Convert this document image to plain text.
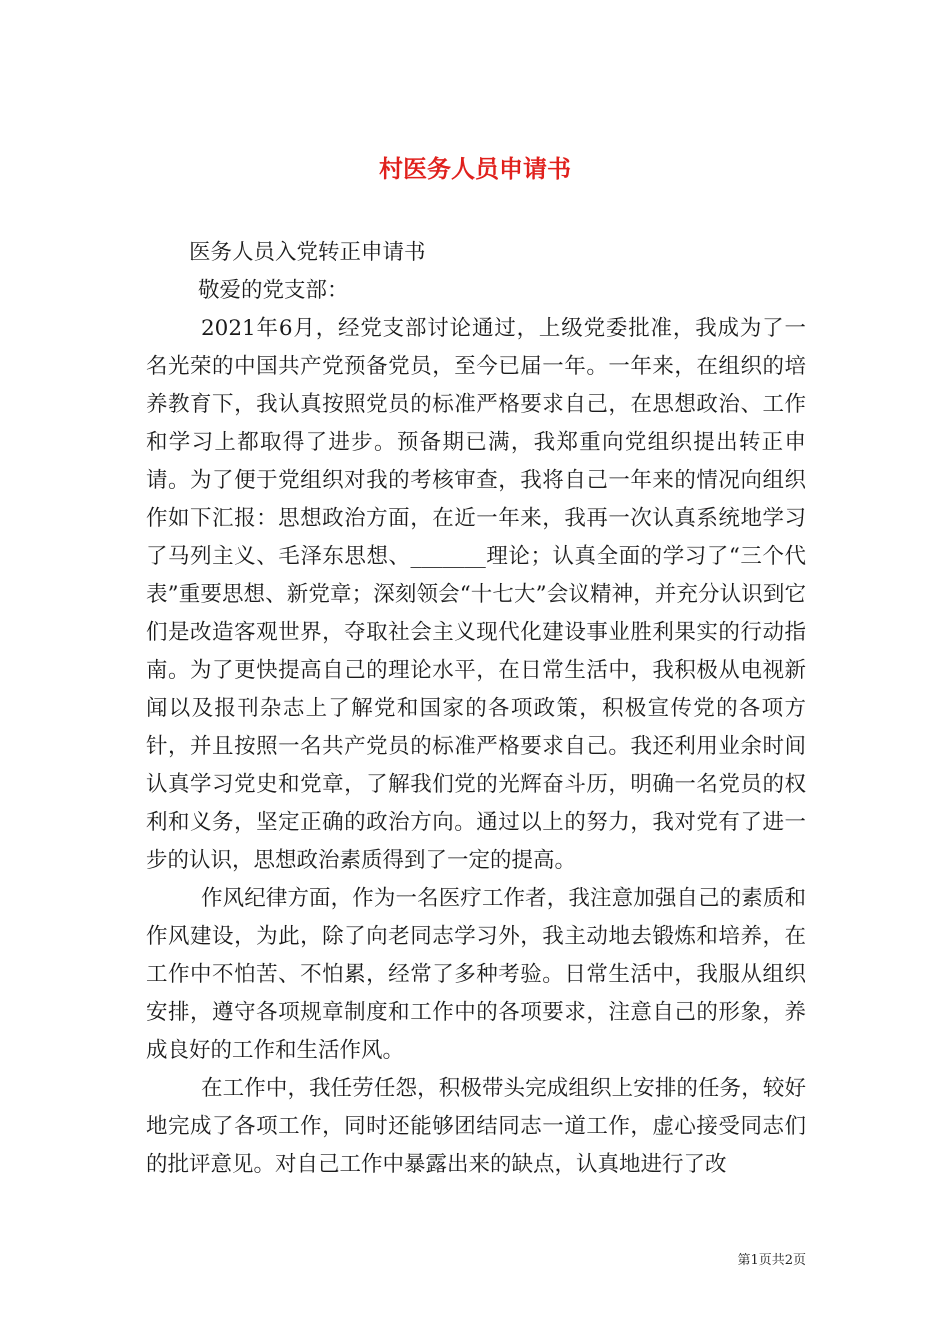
村医务人员申请书
医务人员入党转正申请书
敬爱的党支部：

2021年6月，经党支部讨论通过，上级党委批准，我成为了一名光荣的中国共产党预备党员，至今已届一年。一年来，在组织的培养教育下，我认真按照党员的标准严格要求自己，在思想政治、工作和学习上都取得了进步。预备期已满，我郑重向党组织提出转正申请。为了便于党组织对我的考核审查，我将自己一年来的情况向组织作如下汇报：思想政治方面，在近一年来，我再一次认真系统地学习了马列主义、毛泽东思想、_______理论；认真全面的学习了“三个代表”重要思想、新党章；深刻领会“十七大”会议精神，并充分认识到它们是改造客观世界，夺取社会主义现代化建设事业胜利果实的行动指南。为了更快提高自己的理论水平，在日常生活中，我积极从电视新闻以及报刊杂志上了解党和国家的各项政策，积极宣传党的各项方针，并且按照一名共产党员的标准严格要求自己。我还利用业余时间认真学习党史和党章，了解我们党的光辉奋斗历，明确一名党员的权利和义务，坚定正确的政治方向。通过以上的努力，我对党有了进一步的认识，思想政治素质得到了一定的提高。

作风纪律方面，作为一名医疗工作者，我注意加强自己的素质和作风建设，为此，除了向老同志学习外，我主动地去锻炼和培养，在工作中不怕苦、不怕累，经常了多种考验。日常生活中，我服从组织安排，遵守各项规章制度和工作中的各项要求，注意自己的形象，养成良好的工作和生活作风。

在工作中，我任劳任怨，积极带头完成组织上安排的任务，较好地完成了各项工作，同时还能够团结同志一道工作，虚心接受同志们的批评意见。对自己工作中暴露出来的缺点，认真地进行了改

第1页共2页
